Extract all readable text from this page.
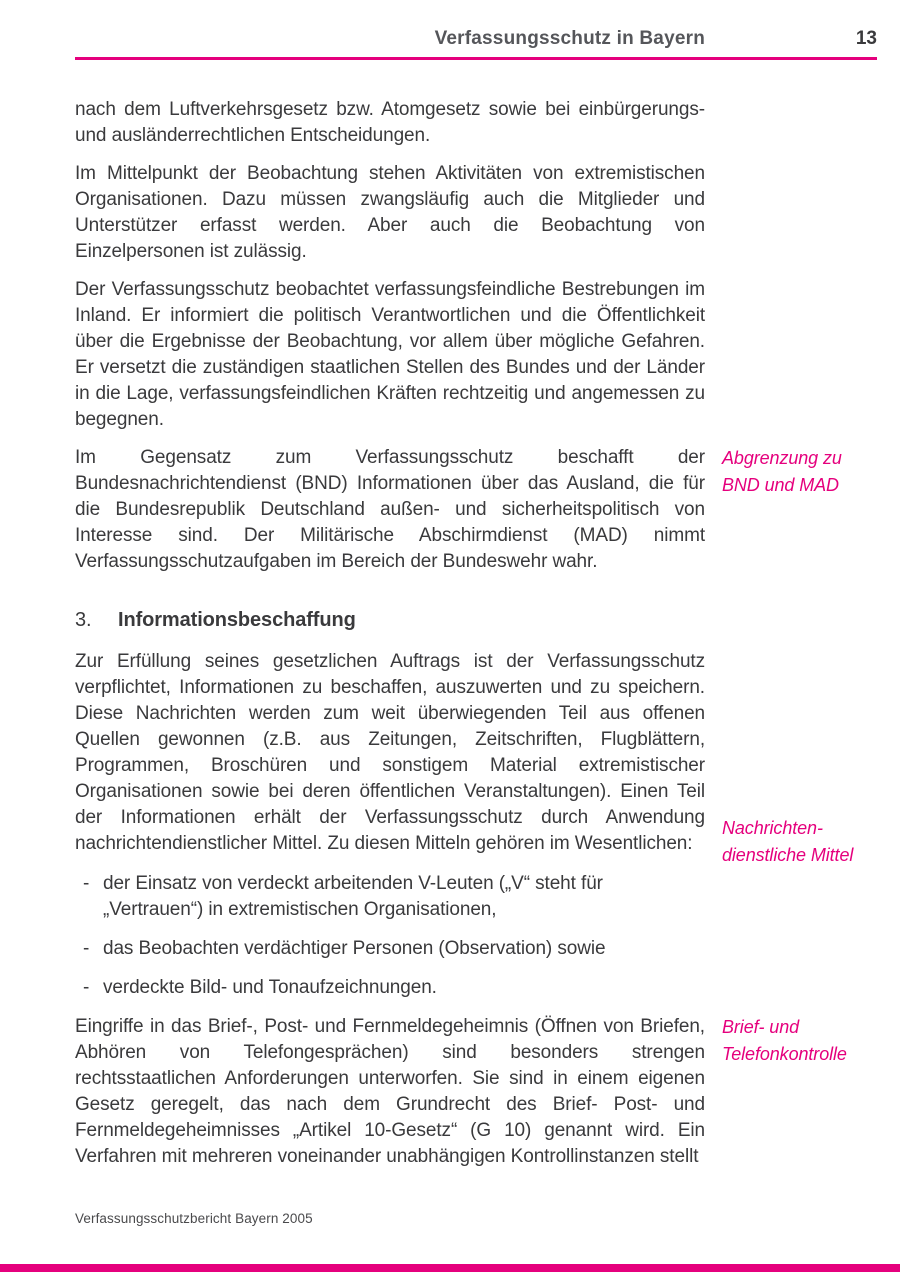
Verfassungsschutz in Bayern	13

nach dem Luftverkehrsgesetz bzw. Atomgesetz sowie bei einbürgerungs- und ausländerrechtlichen Entscheidungen.

Im Mittelpunkt der Beobachtung stehen Aktivitäten von extremistischen Organisationen. Dazu müssen zwangsläufig auch die Mitglieder und Unterstützer erfasst werden. Aber auch die Beobachtung von Einzelpersonen ist zulässig.

Der Verfassungsschutz beobachtet verfassungsfeindliche Bestrebungen im Inland. Er informiert die politisch Verantwortlichen und die Öffentlichkeit über die Ergebnisse der Beobachtung, vor allem über mögliche Gefahren. Er versetzt die zuständigen staatlichen Stellen des Bundes und der Länder in die Lage, verfassungsfeindlichen Kräften rechtzeitig und angemessen zu begegnen.

Im Gegensatz zum Verfassungsschutz beschafft der Bundesnachrichtendienst (BND) Informationen über das Ausland, die für die Bundesrepublik Deutschland außen- und sicherheitspolitisch von Interesse sind. Der Militärische Abschirmdienst (MAD) nimmt Verfassungsschutzaufgaben im Bereich der Bundeswehr wahr.

Abgrenzung zu
BND und MAD
3. Informationsbeschaffung

Zur Erfüllung seines gesetzlichen Auftrags ist der Verfassungsschutz verpflichtet, Informationen zu beschaffen, auszuwerten und zu speichern. Diese Nachrichten werden zum weit überwiegenden Teil aus offenen Quellen gewonnen (z.B. aus Zeitungen, Zeitschriften, Flugblättern, Programmen, Broschüren und sonstigem Material extremistischer Organisationen sowie bei deren öffentlichen Veranstaltungen). Einen Teil der Informationen erhält der Verfassungsschutz durch Anwendung nachrichtendienstlicher Mittel. Zu diesen Mitteln gehören im Wesentlichen:

Nachrichten-
dienstliche Mittel
- der Einsatz von verdeckt arbeitenden V-Leuten („V“ steht für „Vertrauen“) in extremistischen Organisationen,
- das Beobachten verdächtiger Personen (Observation) sowie
- verdeckte Bild- und Tonaufzeichnungen.

Eingriffe in das Brief-, Post- und Fernmeldegeheimnis (Öffnen von Briefen, Abhören von Telefongesprächen) sind besonders strengen rechtsstaatlichen Anforderungen unterworfen. Sie sind in einem eigenen Gesetz geregelt, das nach dem Grundrecht des Brief- Post- und Fernmeldegeheimnisses „Artikel 10-Gesetz“ (G 10) genannt wird. Ein Verfahren mit mehreren voneinander unabhängigen Kontrollinstanzen stellt

Brief- und
Telefonkontrolle
Verfassungsschutzbericht Bayern 2005
